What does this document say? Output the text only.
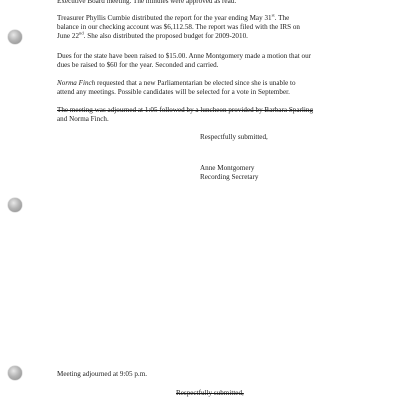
Executive Board meeting. The minutes were approved as read.
Treasurer Phyllis Cumbie distributed the report for the year ending May 31st. The
balance in our checking account was $6,112.58. The report was filed with the IRS on
June 22nd. She also distributed the proposed budget for 2009-2010.
Dues for the state have been raised to $15.00. Anne Montgomery made a motion that our
dues be raised to $60 for the year. Seconded and carried.
Norma Finch requested that a new Parliamentarian be elected since she is unable to
attend any meetings. Possible candidates will be selected for a vote in September.
The meeting was adjourned at 1:05 followed by a luncheon provided by Barbara Sparling
and Norma Finch.
Respectfully submitted,
Anne Montgomery
Recording Secretary
Meeting adjourned at 9:05 p.m.
Respectfully submitted,
